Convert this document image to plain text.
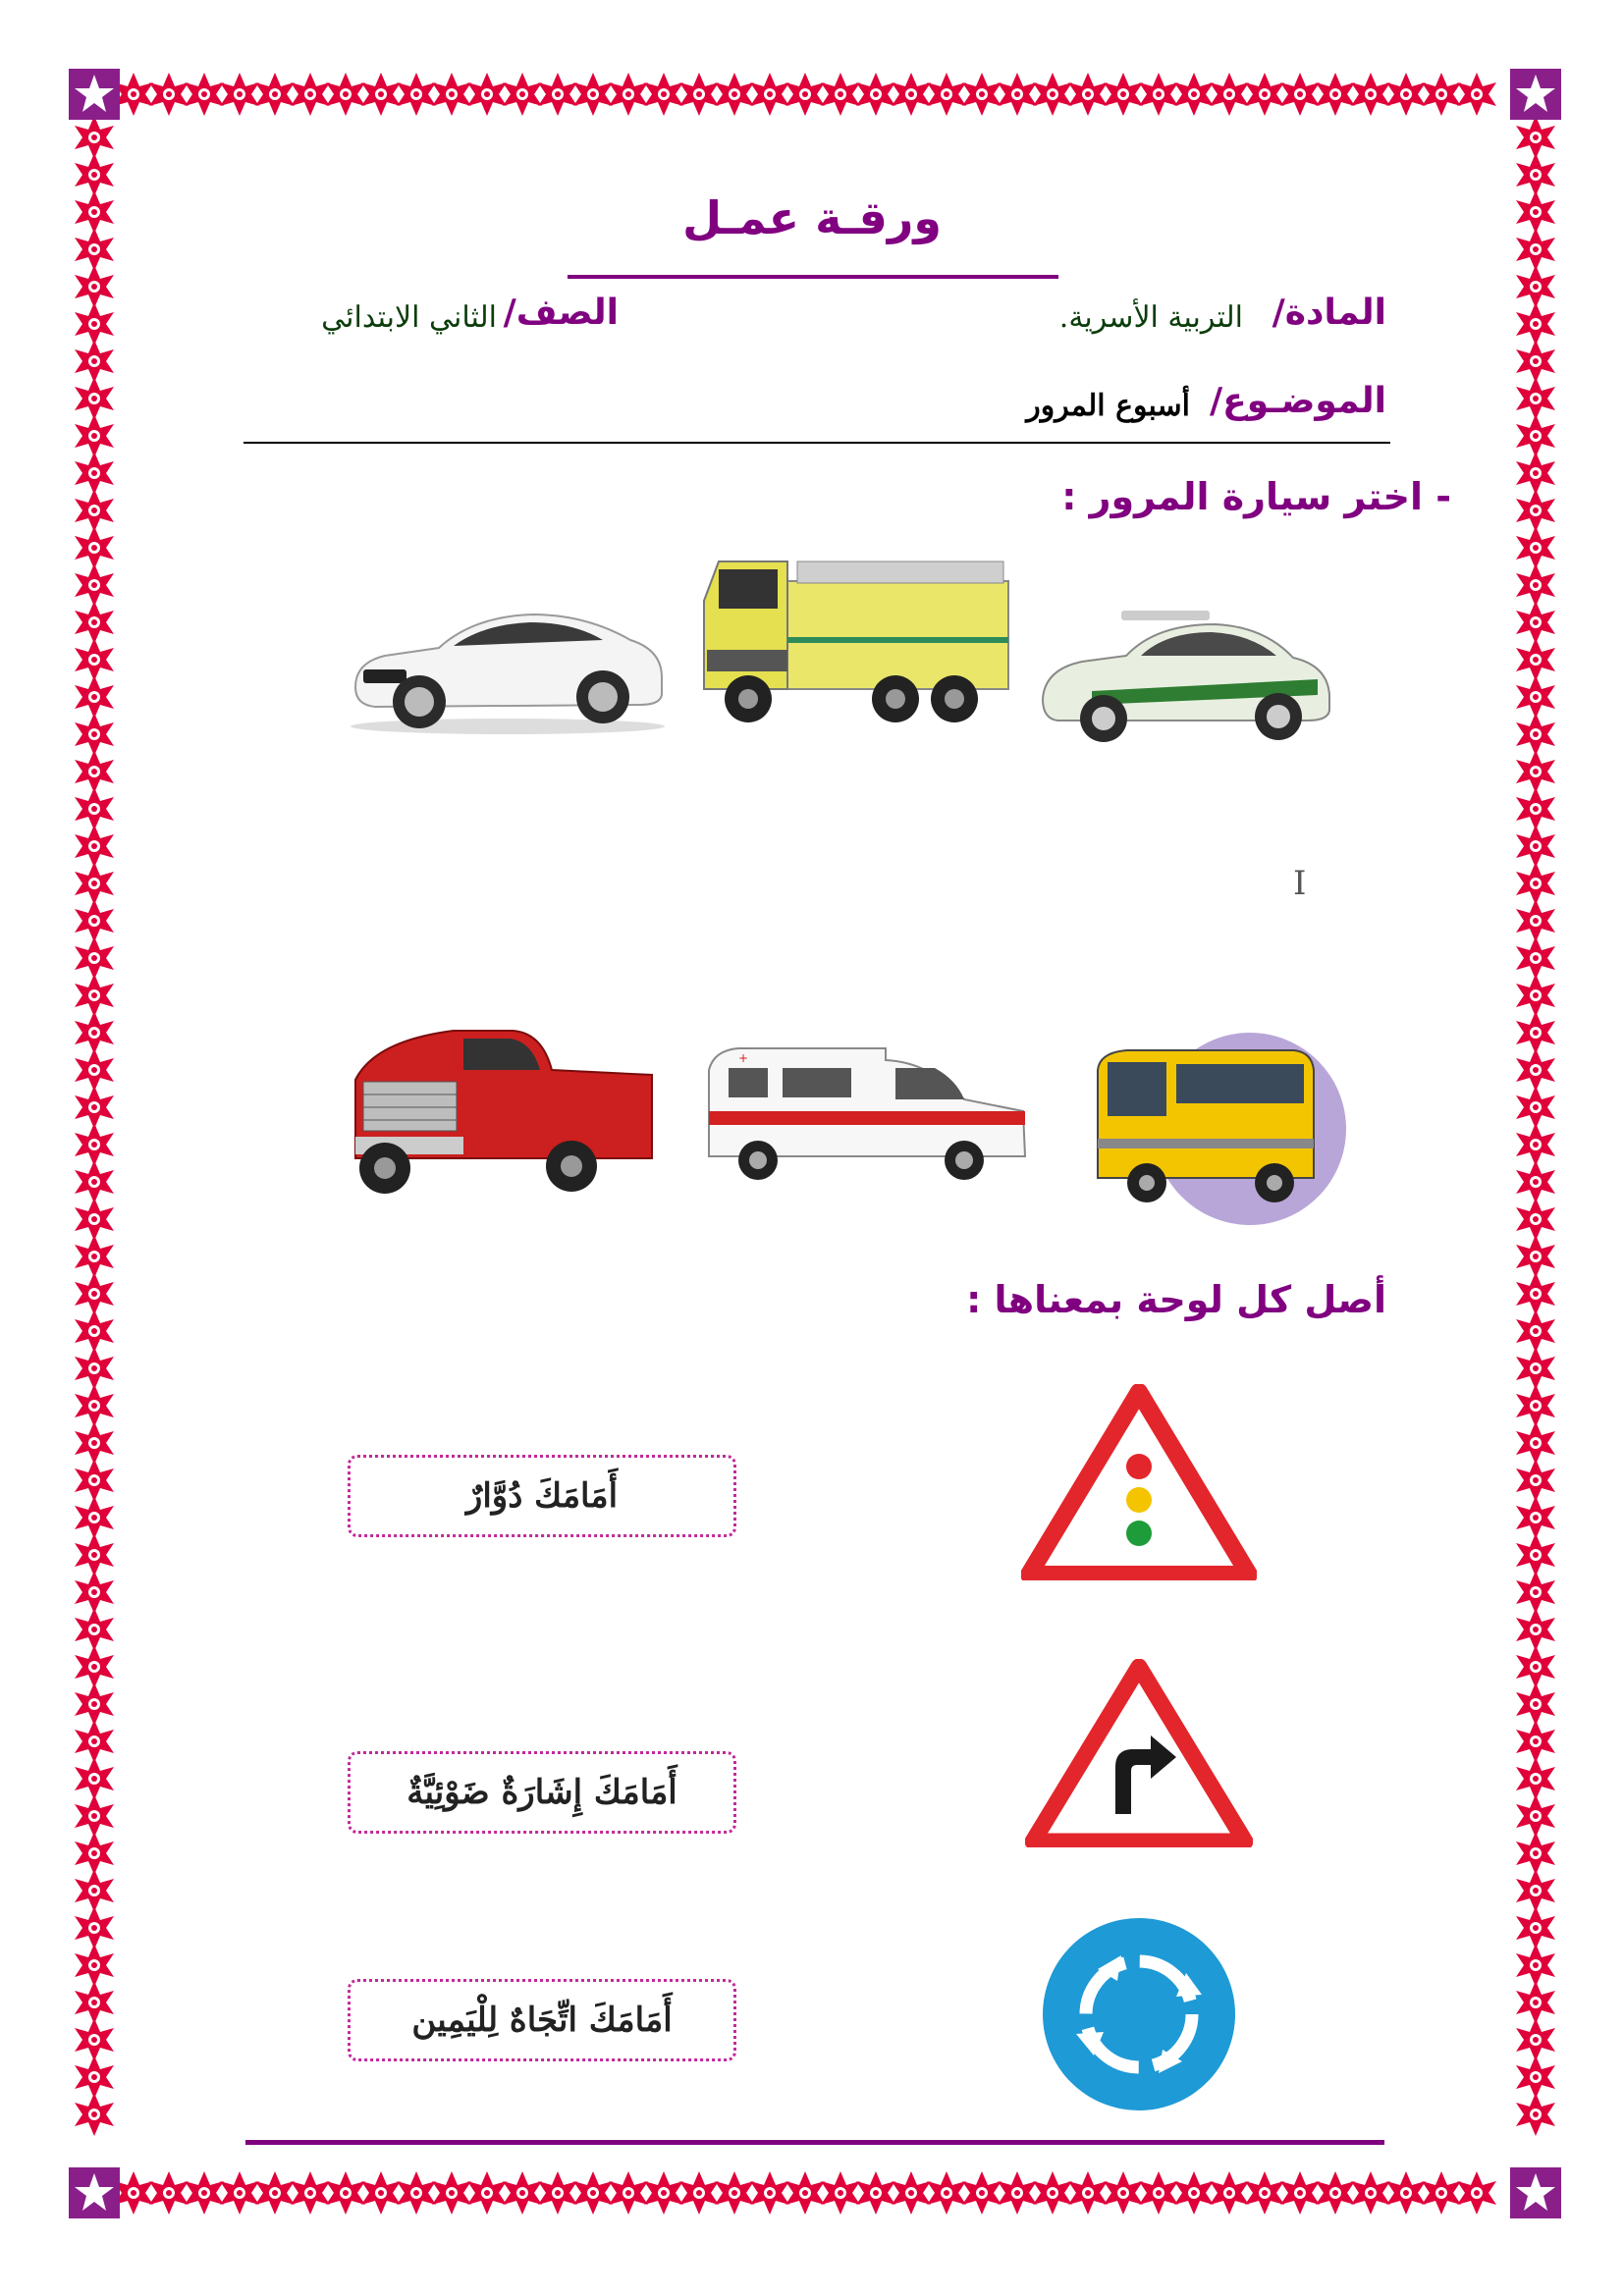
ورقـة عمـل
المادة/
التربية الأسرية.
الصف/
الثاني الابتدائي
الموضـوع/
أسبوع المرور
- اختر سيارة المرور :
Ⅰ
+
أصل كل لوحة بمعناها :
أَمَامَكَ دُوَّارٌ
أَمَامَكَ إِشَارَةٌ ضَوْئِيَّةٌ
أَمَامَكَ اتِّجَاهٌ لِلْيَمِين
